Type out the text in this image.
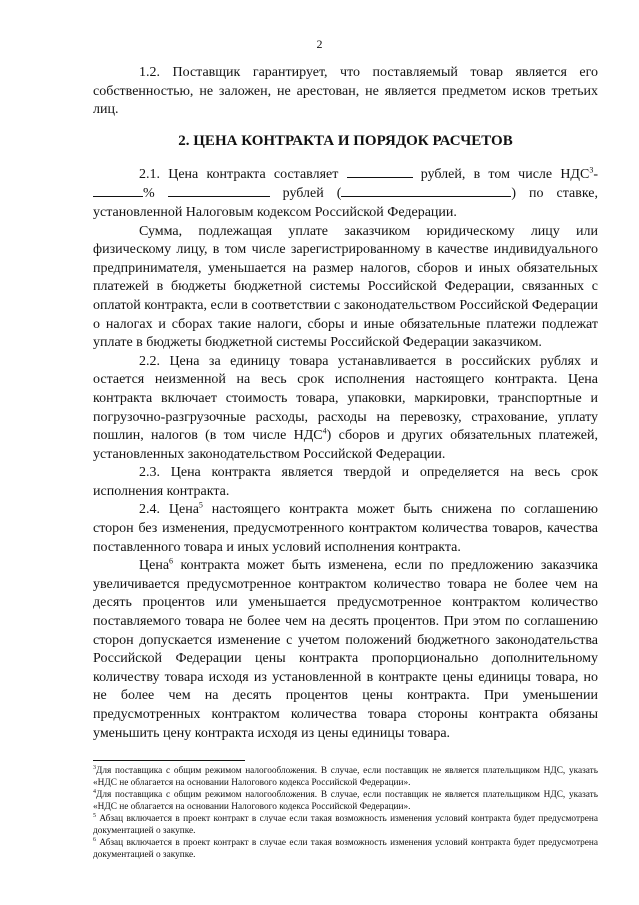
2

1.2. Поставщик гарантирует, что поставляемый товар является его собственностью, не заложен, не арестован, не является предметом исков третьих лиц.

2. ЦЕНА КОНТРАКТА И ПОРЯДОК РАСЧЕТОВ

2.1. Цена контракта составляет	рублей, в том числе НДС$^3$- %	рублей (	) по ставке, установленной Налоговым кодексом Российской Федерации.

Сумма, подлежащая уплате заказчиком юридическому лицу или физическому лицу, в том числе зарегистрированному в качестве индивидуального предпринимателя, уменьшается на размер налогов, сборов и иных обязательных платежей в бюджеты бюджетной системы Российской Федерации, связанных с оплатой контракта, если в соответствии с законодательством Российской Федерации о налогах и сборах такие налоги, сборы и иные обязательные платежи подлежат уплате в бюджеты бюджетной системы Российской Федерации заказчиком.

2.2. Цена за единицу товара устанавливается в российских рублях и остается неизменной на весь срок исполнения настоящего контракта. Цена контракта включает стоимость товара, упаковки, маркировки, транспортные и погрузочно-разгрузочные расходы, расходы на перевозку, страхование, уплату пошлин, налогов (в том числе НДС$^4$) сборов и других обязательных платежей, установленных законодательством Российской Федерации.

2.3. Цена контракта является твердой и определяется на весь срок исполнения контракта.

2.4. Цена$^5$ настоящего контракта может быть снижена по соглашению сторон без изменения, предусмотренного контрактом количества товаров, качества поставленного товара и иных условий исполнения контракта.

Цена$^6$ контракта может быть изменена, если по предложению заказчика увеличивается предусмотренное контрактом количество товара не более чем на десять процентов или уменьшается предусмотренное контрактом количество поставляемого товара не более чем на десять процентов. При этом по соглашению сторон допускается изменение с учетом положений бюджетного законодательства Российской Федерации цены контракта пропорционально дополнительному количеству товара исходя из установленной в контракте цены единицы товара, но не более чем на десять процентов цены контракта. При уменьшении предусмотренных контрактом количества товара стороны контракта обязаны уменьшить цену контракта исходя из цены единицы товара.

$^3$Для поставщика с общим режимом налогообложения. В случае, если поставщик не является плательщиком НДС, указать «НДС не облагается на основании Налогового кодекса Российской Федерации».

$^4$Для поставщика с общим режимом налогообложения. В случае, если поставщик не является плательщиком НДС, указать «НДС не облагается на основании Налогового кодекса Российской Федерации».

$^5$ Абзац включается в проект контракт в случае если такая возможность изменения условий контракта будет предусмотрена документацией о закупке.

$^6$ Абзац включается в проект контракт в случае если такая возможность изменения условий контракта будет предусмотрена документацией о закупке.
